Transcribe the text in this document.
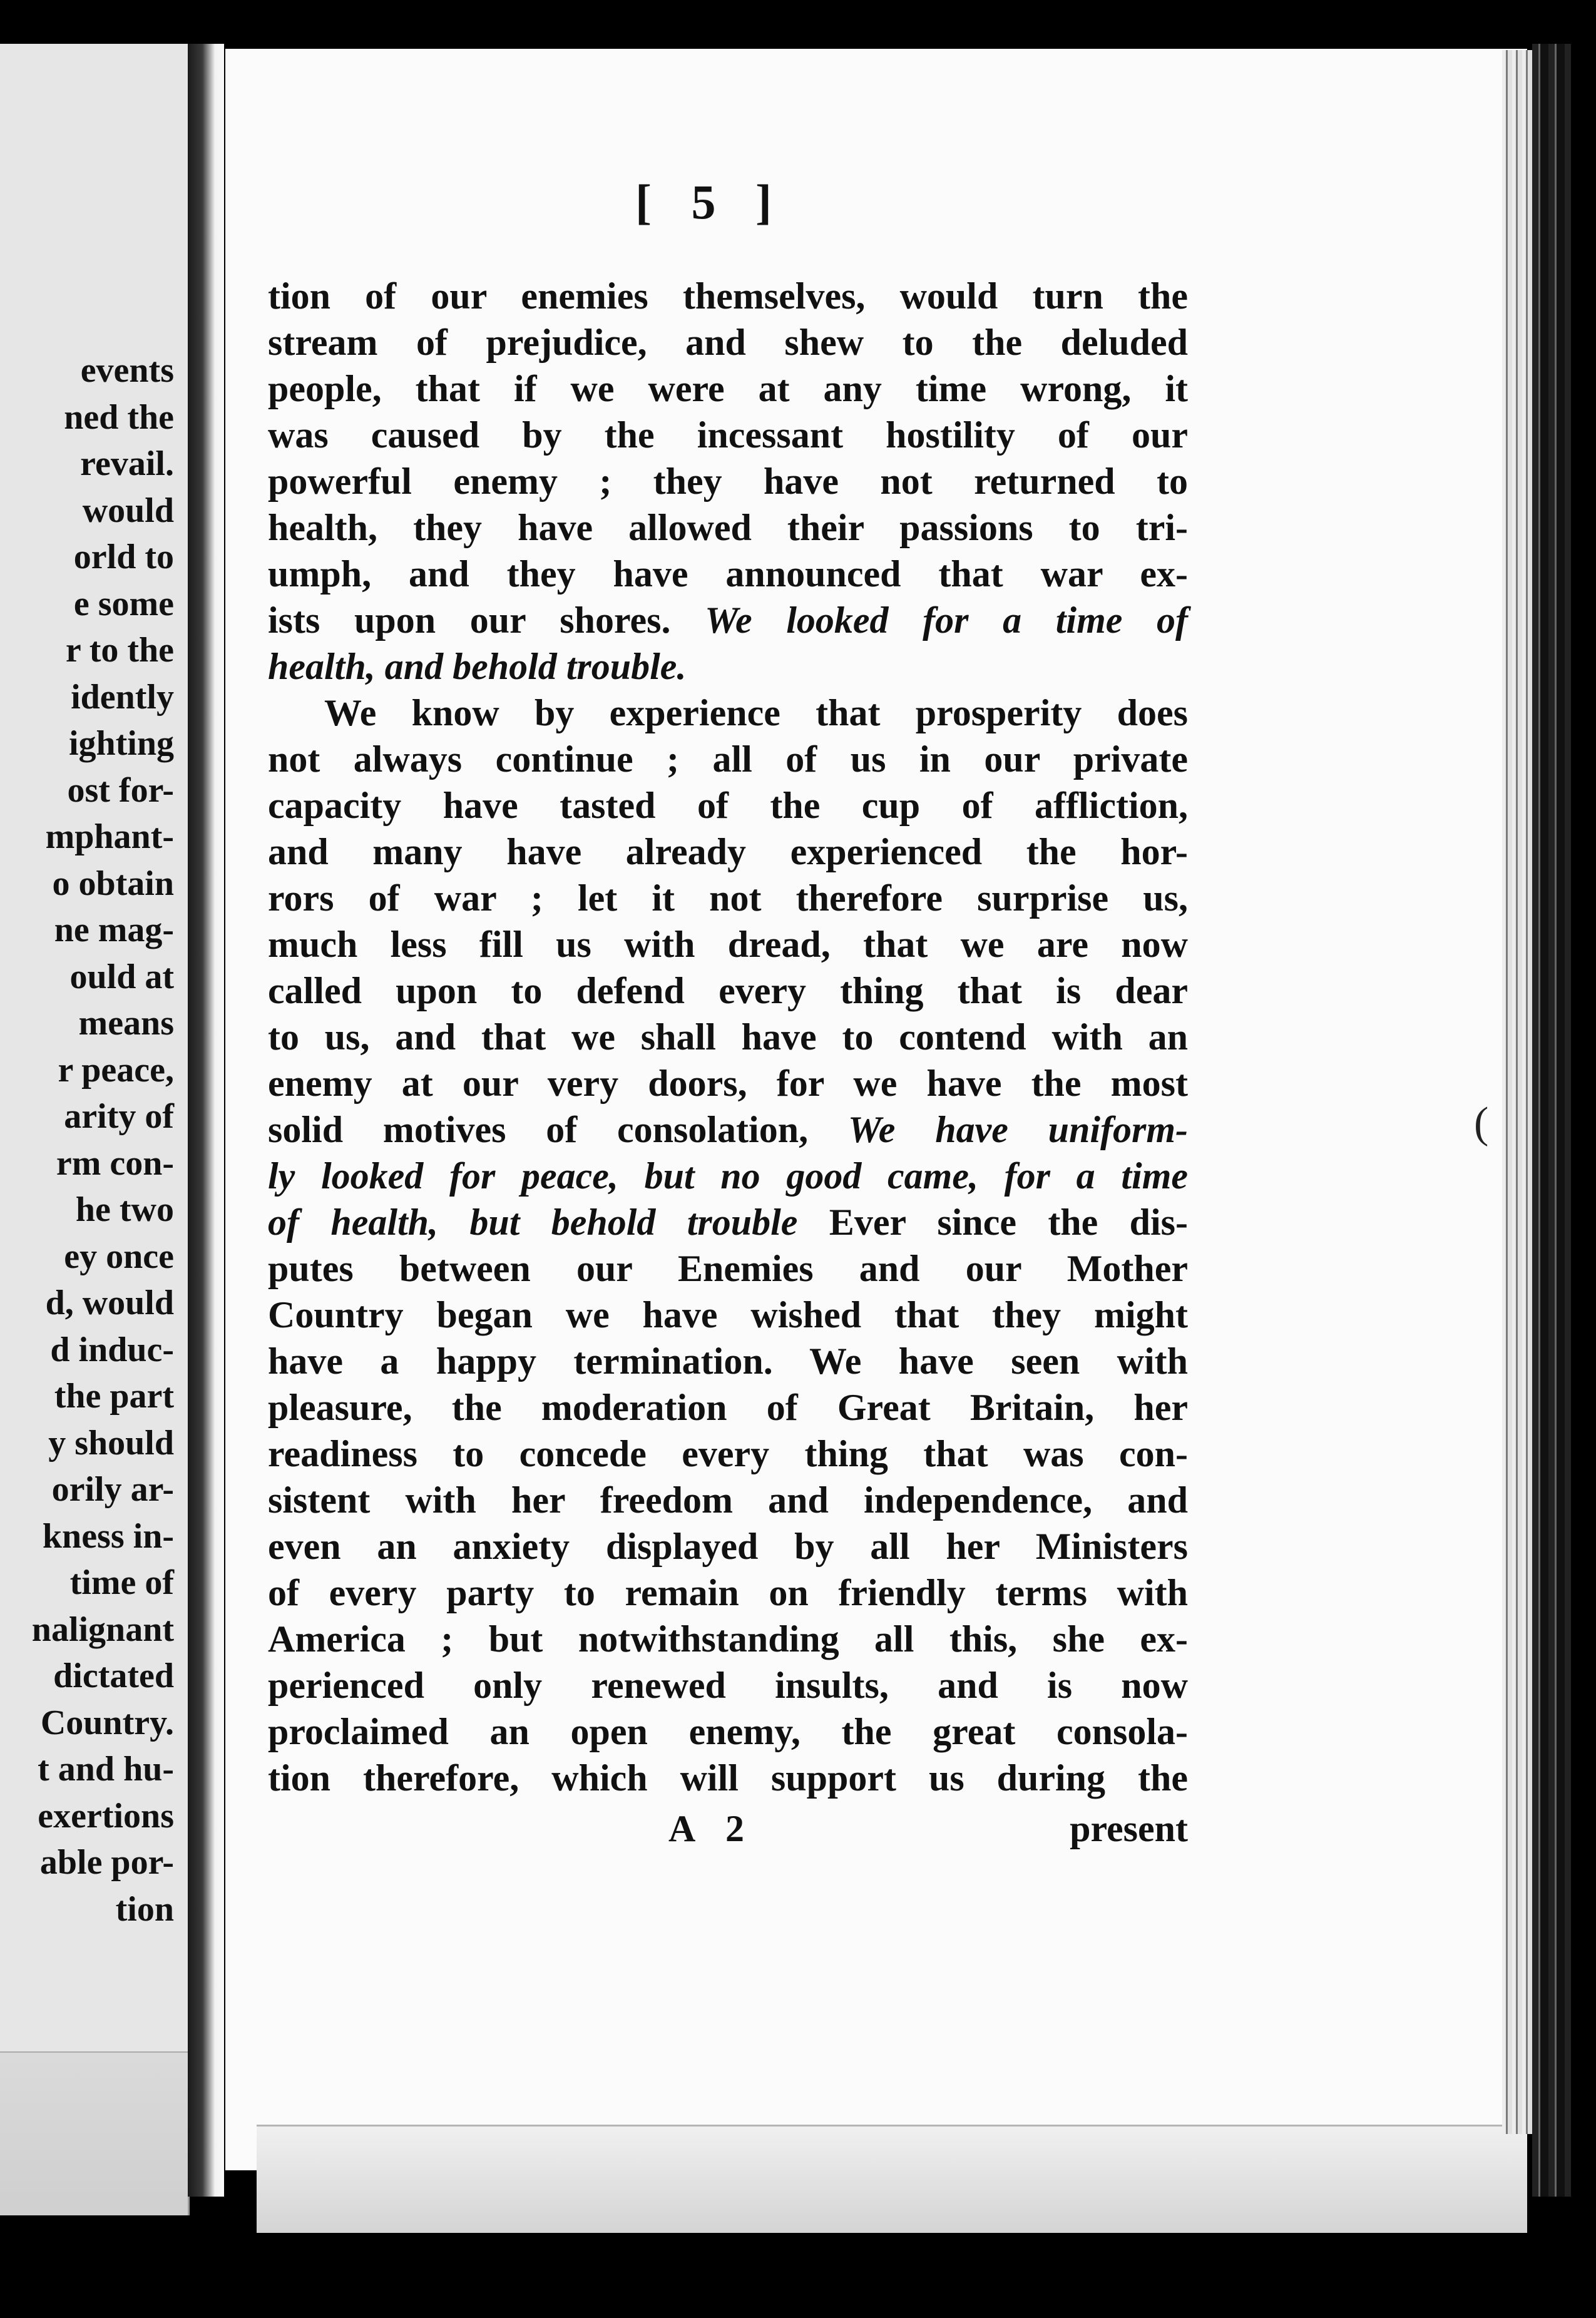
events
ned the
revail.
would
orld to
e some
r to the
idently
ighting
ost for-
mphant-
o obtain
ne mag-
ould at
means
r peace,
arity of
rm con-
he two
ey once
d, would
d induc-
the part
y should
orily ar-
kness in-
time of
nalignant
dictated
Country.
t and hu-
exertions
able por-
tion
[ 5 ]
tion of our enemies themselves, would turn the
stream of prejudice, and shew to the deluded
people, that if we were at any time wrong, it
was caused by the incessant hostility of our
powerful enemy ; they have not returned to
health, they have allowed their passions to tri-
umph, and they have announced that war ex-
ists upon our shores. We looked for a time of
health, and behold trouble.
We know by experience that prosperity does
not always continue ; all of us in our private
capacity have tasted of the cup of affliction,
and many have already experienced the hor-
rors of war ; let it not therefore surprise us,
much less fill us with dread, that we are now
called upon to defend every thing that is dear
to us, and that we shall have to contend with an
enemy at our very doors, for we have the most
solid motives of consolation, We have uniform-
ly looked for peace, but no good came, for a time
of health, but behold trouble Ever since the dis-
putes between our Enemies and our Mother
Country began we have wished that they might
have a happy termination. We have seen with
pleasure, the moderation of Great Britain, her
readiness to concede every thing that was con-
sistent with her freedom and independence, and
even an anxiety displayed by all her Ministers
of every party to remain on friendly terms with
America ; but notwithstanding all this, she ex-
perienced only renewed insults, and is now
proclaimed an open enemy, the great consola-
tion therefore, which will support us during the
A 2	present
(
